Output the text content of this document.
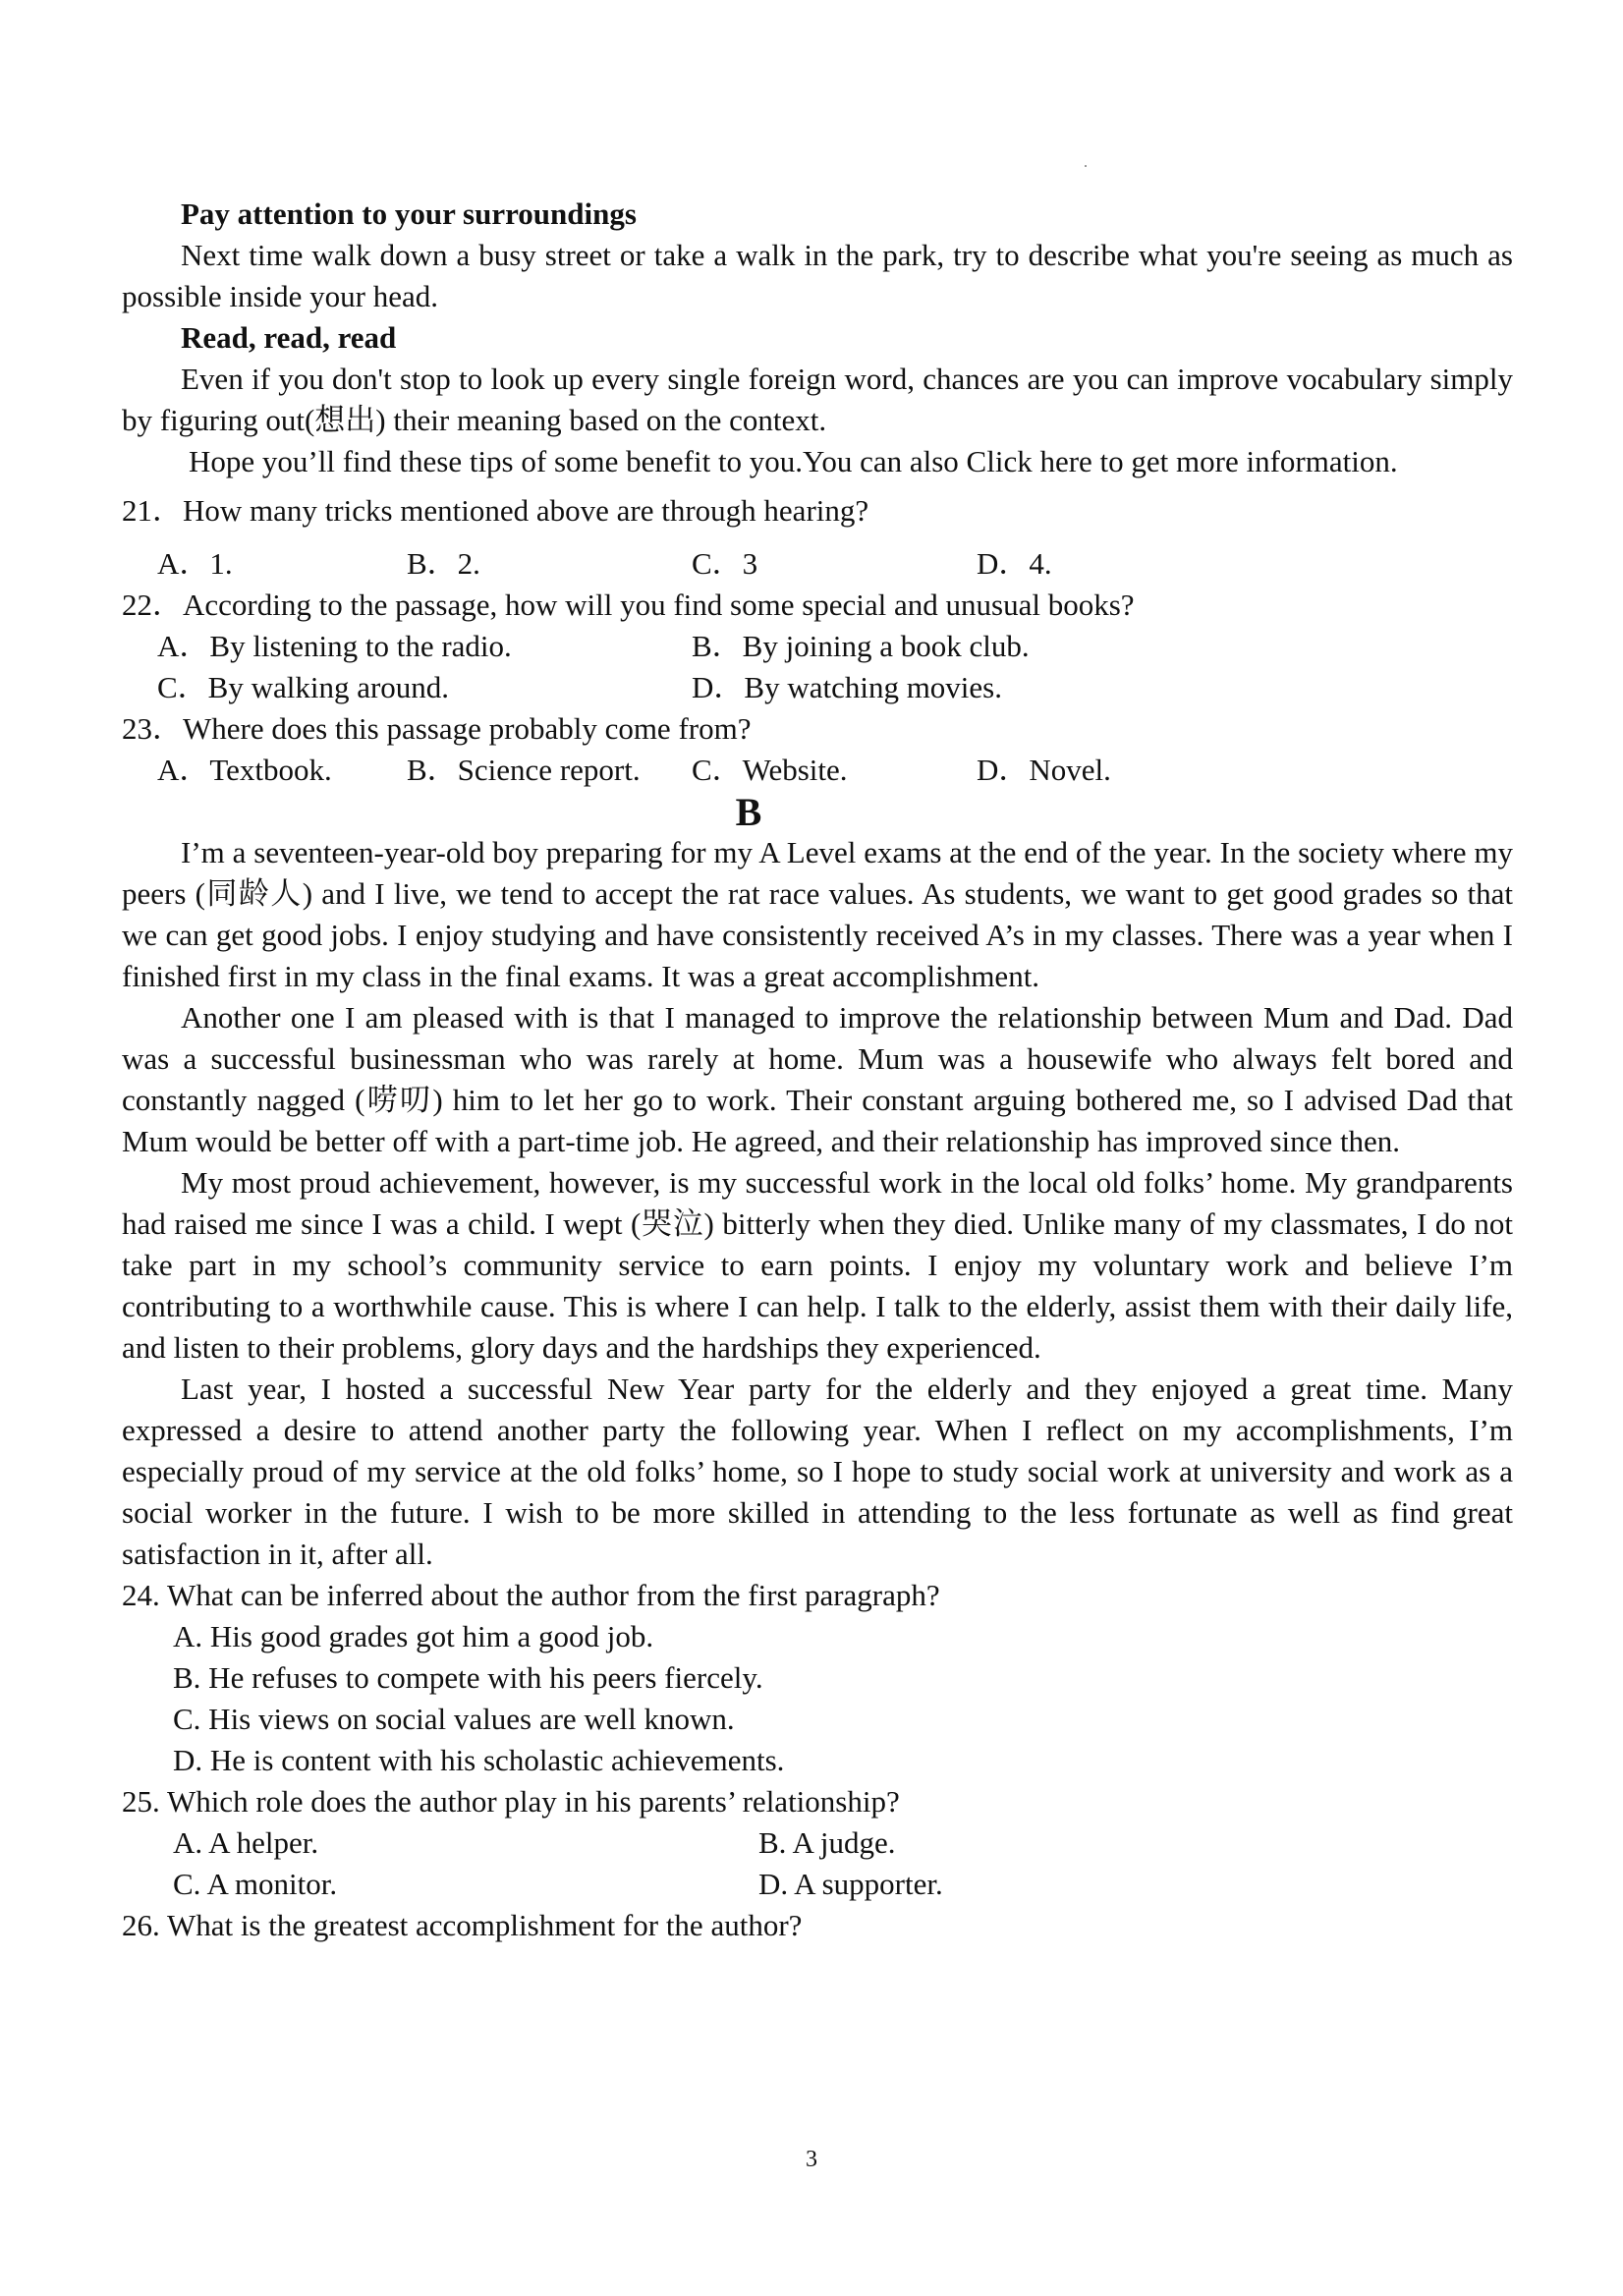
Pay attention to your surroundings

Next time walk down a busy street or take a walk in the park, try to describe what you're seeing as much as possible inside your head.

Read, read, read

Even if you don't stop to look up every single foreign word, chances are you can improve vocabulary simply by figuring out(想出) their meaning based on the context.

Hope you’ll find these tips of some benefit to you.You can also Click here to get more information.

21．How many tricks mentioned above are through hearing?

A．1.	B．2.	C．3	D．4.

22．According to the passage, how will you find some special and unusual books?

A．By listening to the radio.	B．By joining a book club.
C．By walking around.	D．By watching movies.

23．Where does this passage probably come from?

A．Textbook.	B．Science report.	C．Website.	D．Novel.

B

I’m a seventeen-year-old boy preparing for my A Level exams at the end of the year. In the society where my peers (同龄人) and I live, we tend to accept the rat race values. As students, we want to get good grades so that we can get good jobs. I enjoy studying and have consistently received A’s in my classes. There was a year when I finished first in my class in the final exams. It was a great accomplishment.

Another one I am pleased with is that I managed to improve the relationship between Mum and Dad. Dad was a successful businessman who was rarely at home. Mum was a housewife who always felt bored and constantly nagged (唠叨) him to let her go to work. Their constant arguing bothered me, so I advised Dad that Mum would be better off with a part-time job. He agreed, and their relationship has improved since then.

My most proud achievement, however, is my successful work in the local old folks’ home. My grandparents had raised me since I was a child. I wept (哭泣) bitterly when they died. Unlike many of my classmates, I do not take part in my school’s community service to earn points. I enjoy my voluntary work and believe I’m contributing to a worthwhile cause. This is where I can help. I talk to the elderly, assist them with their daily life, and listen to their problems, glory days and the hardships they experienced.

Last year, I hosted a successful New Year party for the elderly and they enjoyed a great time. Many expressed a desire to attend another party the following year. When I reflect on my accomplishments, I’m especially proud of my service at the old folks’ home, so I hope to study social work at university and work as a social worker in the future. I wish to be more skilled in attending to the less fortunate as well as find great satisfaction in it, after all.

24. What can be inferred about the author from the first paragraph?

A. His good grades got him a good job.

B. He refuses to compete with his peers fiercely.

C. His views on social values are well known.

D. He is content with his scholastic achievements.

25. Which role does the author play in his parents’ relationship?

A. A helper.	B. A judge.
C. A monitor.	D. A supporter.

26. What is the greatest accomplishment for the author?

3
